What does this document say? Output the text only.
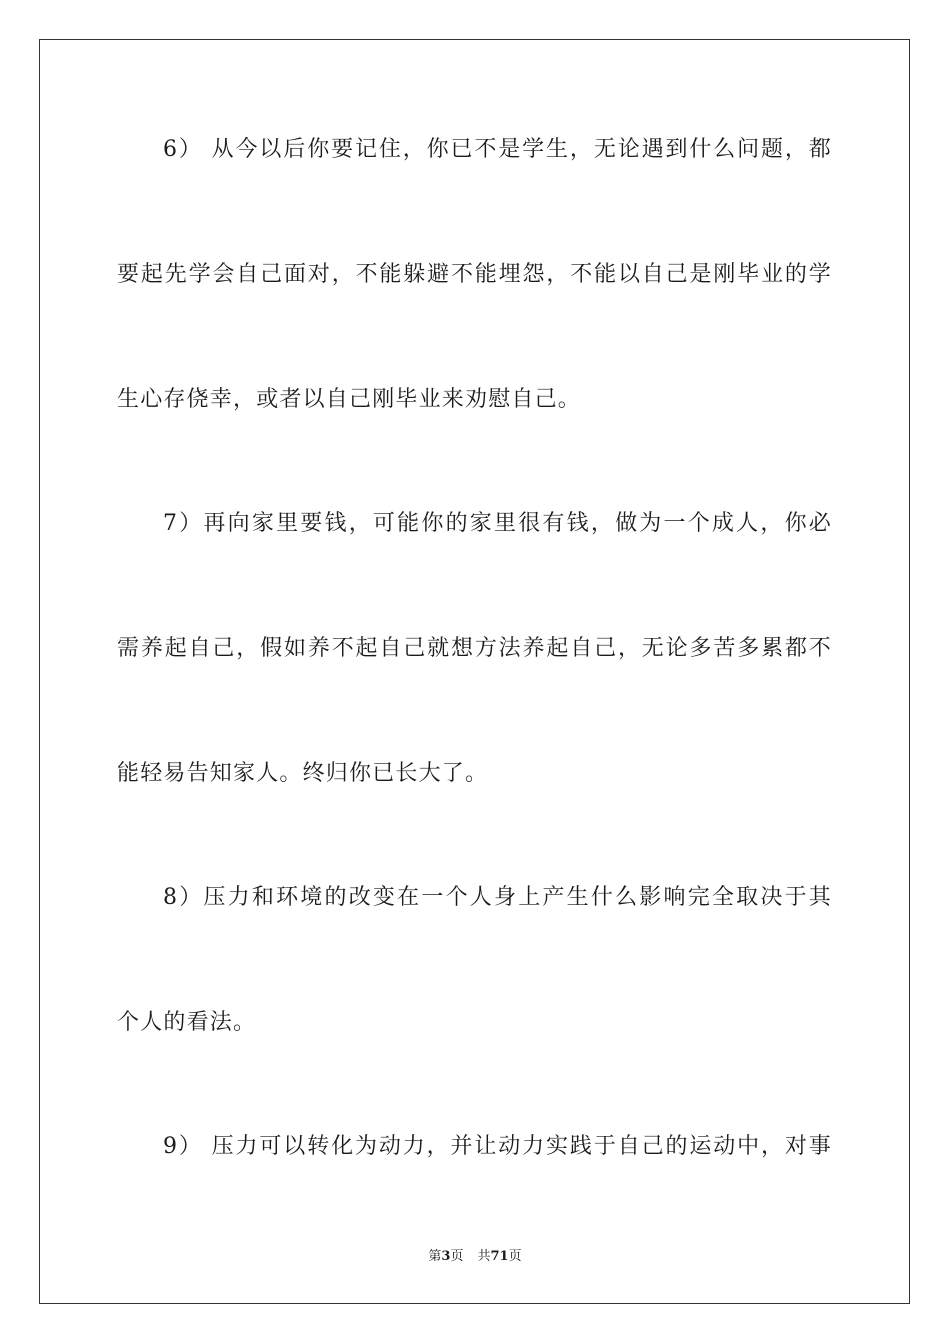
6） 从今以后你要记住，你已不是学生，无论遇到什么问题，都
要起先学会自己面对，不能躲避不能埋怨，不能以自己是刚毕业的学
生心存侥幸，或者以自己刚毕业来劝慰自己。
7）再向家里要钱，可能你的家里很有钱，做为一个成人，你必
需养起自己，假如养不起自己就想方法养起自己，无论多苦多累都不
能轻易告知家人。终归你已长大了。
8）压力和环境的改变在一个人身上产生什么影响完全取决于其
个人的看法。
9） 压力可以转化为动力，并让动力实践于自己的运动中，对事
第3页 共71页
